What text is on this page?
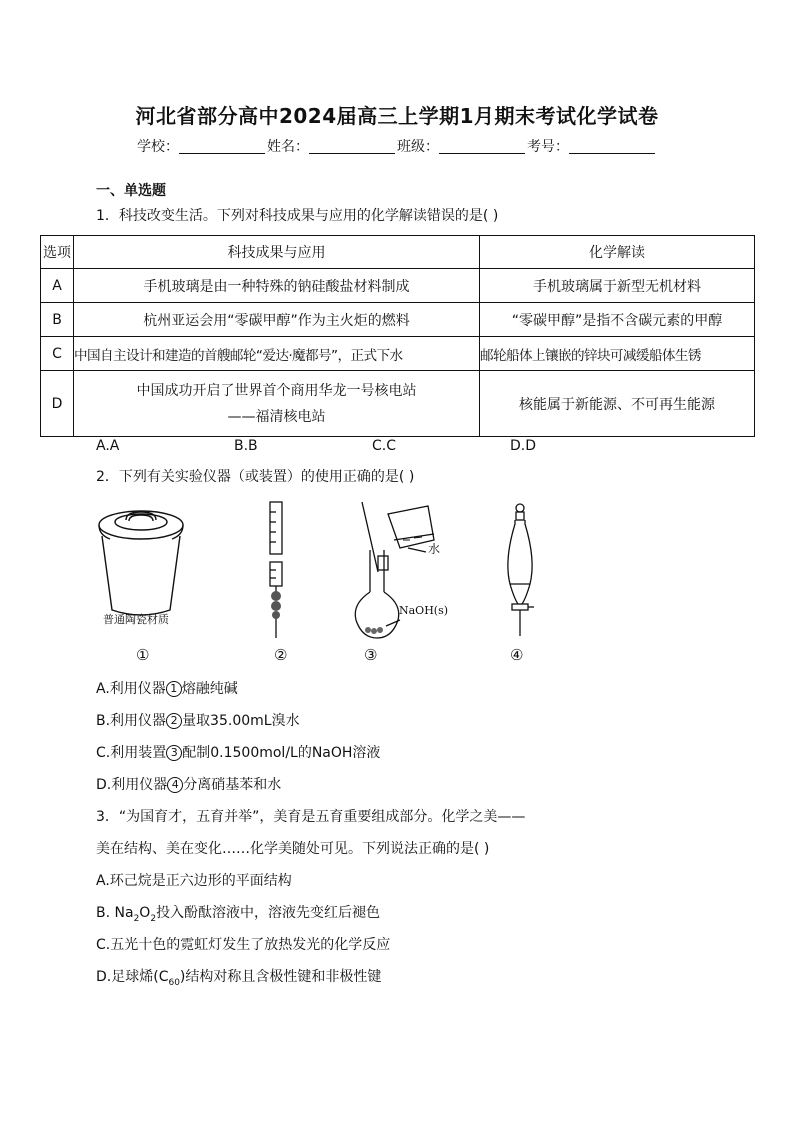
河北省部分高中2024届高三上学期1月期末考试化学试卷
学校：	姓名：	班级：	考号：
一、单选题
1．科技改变生活。下列对科技成果与应用的化学解读错误的是( )
选项	科技成果与应用	化学解读
A	手机玻璃是由一种特殊的钠硅酸盐材料制成	手机玻璃属于新型无机材料
B	杭州亚运会用“零碳甲醇”作为主火炬的燃料	“零碳甲醇”是指不含碳元素的甲醇
C	中国自主设计和建造的首艘邮轮“爱达·魔都号”，正式下水	邮轮船体上镶嵌的锌块可减缓船体生锈
D	中国成功开启了世界首个商用华龙一号核电站——福清核电站	核能属于新能源、不可再生能源
A.A	B.B	C.C	D.D
2．下列有关实验仪器（或装置）的使用正确的是( )
普通陶瓷材质
水
NaOH(s)
①	②	③	④
A.利用仪器 1 熔融纯碱
B.利用仪器 2 量取35.00mL溴水
C.利用装置 3 配制0.1500mol/L的NaOH溶液
D.利用仪器 4 分离硝基苯和水
3．“为国育才，五育并举”，美育是五育重要组成部分。化学之美——
美在结构、美在变化……化学美随处可见。下列说法正确的是( )
A.环己烷是正六边形的平面结构
B. $Na_2O_2$投入酚酞溶液中，溶液先变红后褪色
C.五光十色的霓虹灯发生了放热发光的化学反应
D.足球烯$(C_{60})$结构对称且含极性键和非极性键
